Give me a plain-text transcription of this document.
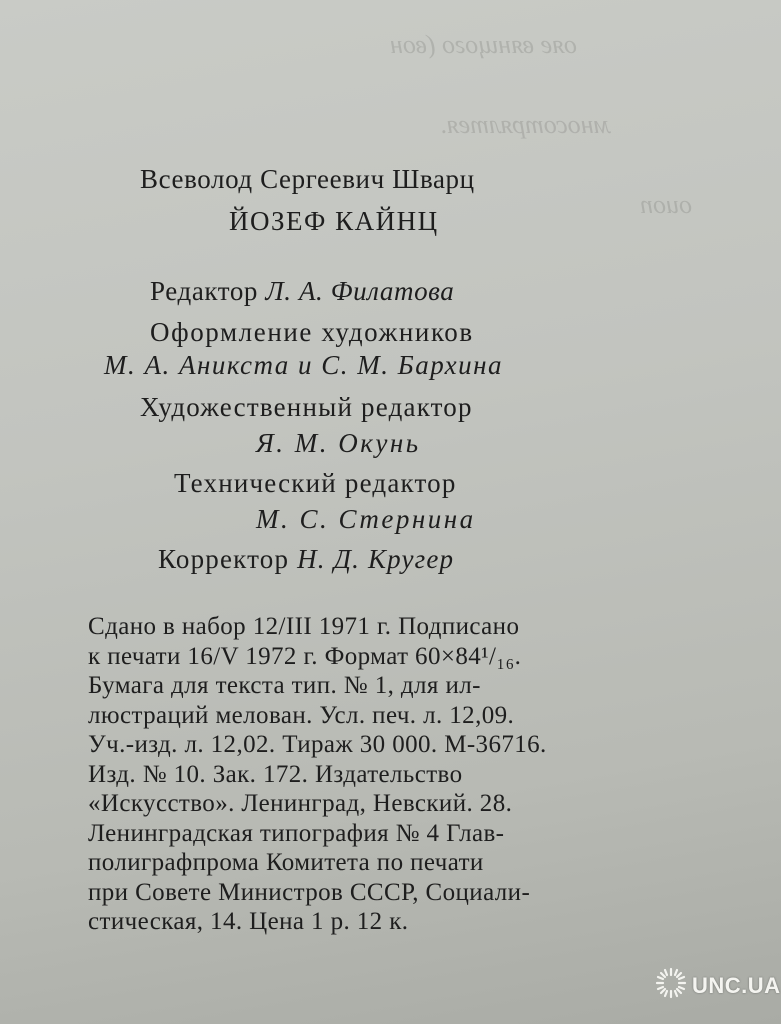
ояе вянщого (вон
мносотрялтея.
оиоп
Всеволод Сергеевич Шварц
ЙОЗЕФ КАЙНЦ
Редактор Л. А. Филатова
Оформление художников
М. А. Аникста и С. М. Бархина
Художественный редактор
Я. М. Окунь
Технический редактор
М. С. Стернина
Корректор Н. Д. Кругер
Сдано в набор 12/III 1971 г. Подписано
к печати 16/V 1972 г. Формат 60×84¹/₁₆.
Бумага для текста тип. № 1, для ил-
люстраций мелован. Усл. печ. л. 12,09.
Уч.-изд. л. 12,02. Тираж 30 000. М-36716.
Изд. № 10. Зак. 172. Издательство
«Искусство». Ленинград, Невский. 28.
Ленинградская типография № 4 Глав-
полиграфпрома Комитета по печати
при Совете Министров СССР, Социали-
стическая, 14. Цена 1 р. 12 к.
UNC.UA
